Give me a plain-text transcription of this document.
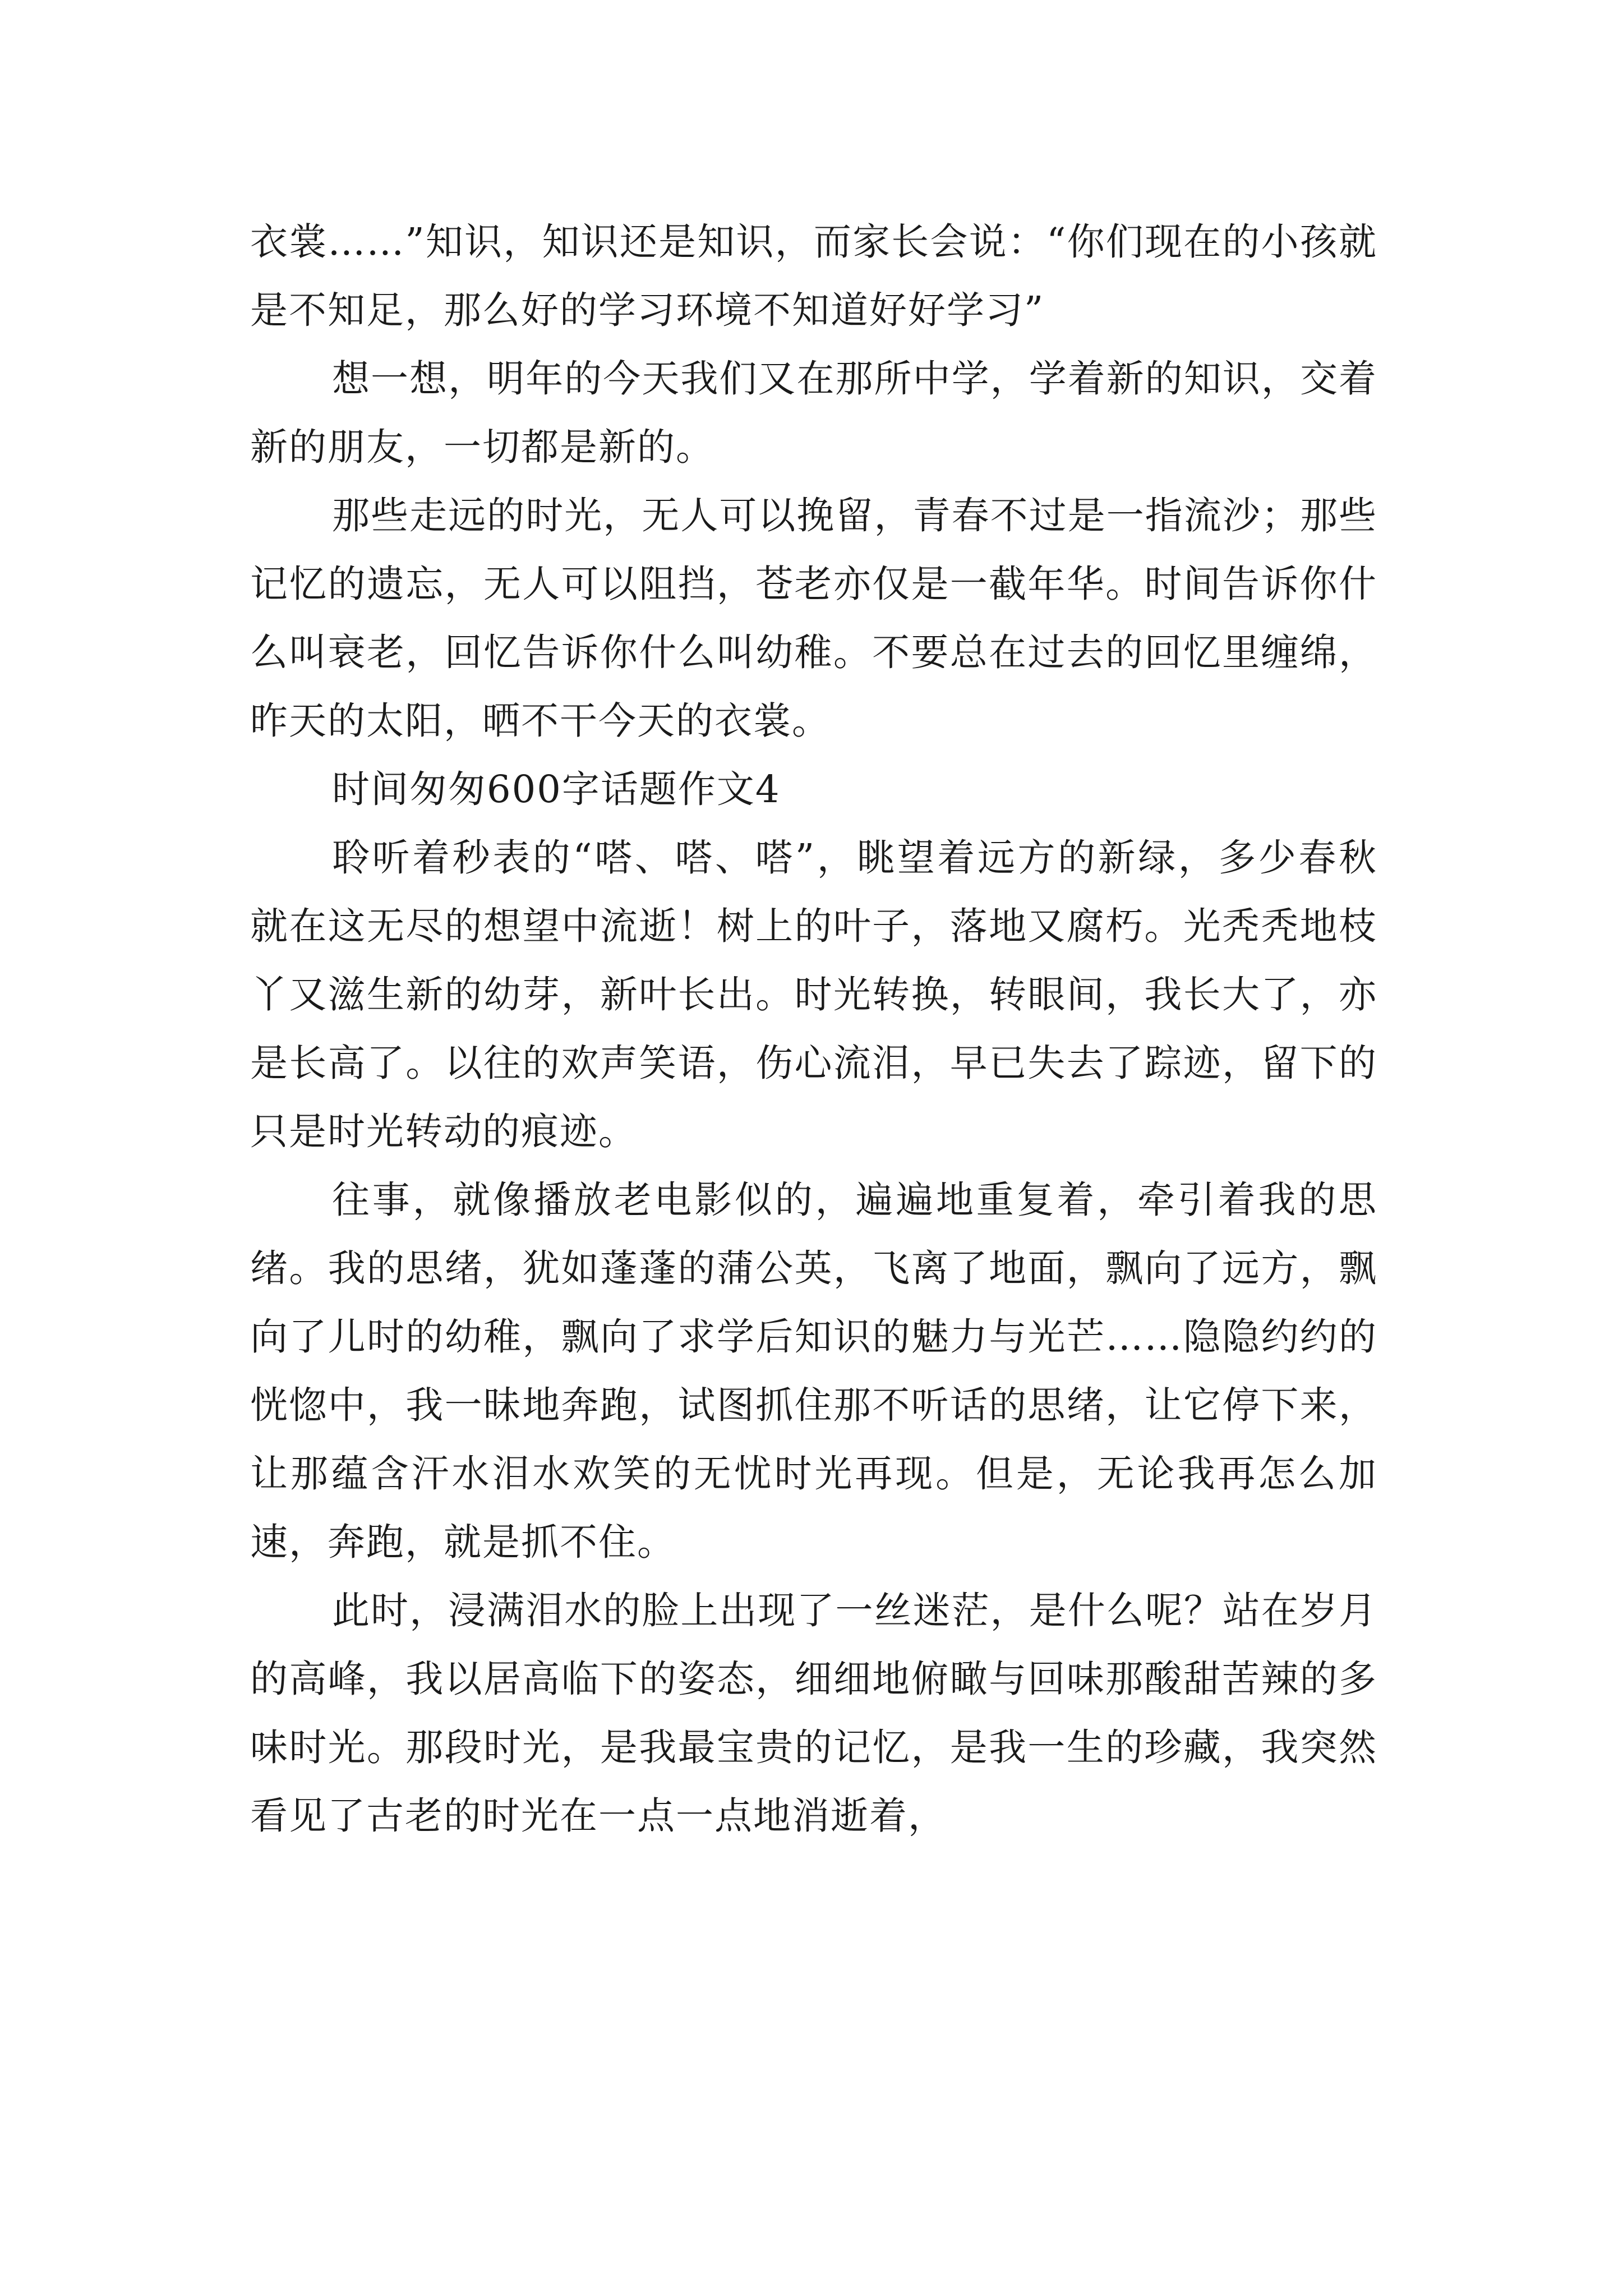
衣裳……”知识，知识还是知识，而家长会说：“你们现在的小孩就是不知足，那么好的学习环境不知道好好学习”

想一想，明年的今天我们又在那所中学，学着新的知识，交着新的朋友，一切都是新的。

那些走远的时光，无人可以挽留，青春不过是一指流沙；那些记忆的遗忘，无人可以阻挡，苍老亦仅是一截年华。时间告诉你什么叫衰老，回忆告诉你什么叫幼稚。不要总在过去的回忆里缠绵，昨天的太阳，晒不干今天的衣裳。

时间匆匆600字话题作文4

聆听着秒表的“嗒、嗒、嗒”，眺望着远方的新绿，多少春秋就在这无尽的想望中流逝！树上的叶子，落地又腐朽。光秃秃地枝丫又滋生新的幼芽，新叶长出。时光转换，转眼间，我长大了，亦是长高了。以往的欢声笑语，伤心流泪，早已失去了踪迹，留下的只是时光转动的痕迹。

往事，就像播放老电影似的，遍遍地重复着，牵引着我的思绪。我的思绪，犹如蓬蓬的蒲公英，飞离了地面，飘向了远方，飘向了儿时的幼稚，飘向了求学后知识的魅力与光芒……隐隐约约的恍惚中，我一昧地奔跑，试图抓住那不听话的思绪，让它停下来，让那蕴含汗水泪水欢笑的无忧时光再现。但是，无论我再怎么加速，奔跑，就是抓不住。

此时，浸满泪水的脸上出现了一丝迷茫，是什么呢？站在岁月的高峰，我以居高临下的姿态，细细地俯瞰与回味那酸甜苦辣的多味时光。那段时光，是我最宝贵的记忆，是我一生的珍藏，我突然看见了古老的时光在一点一点地消逝着，
